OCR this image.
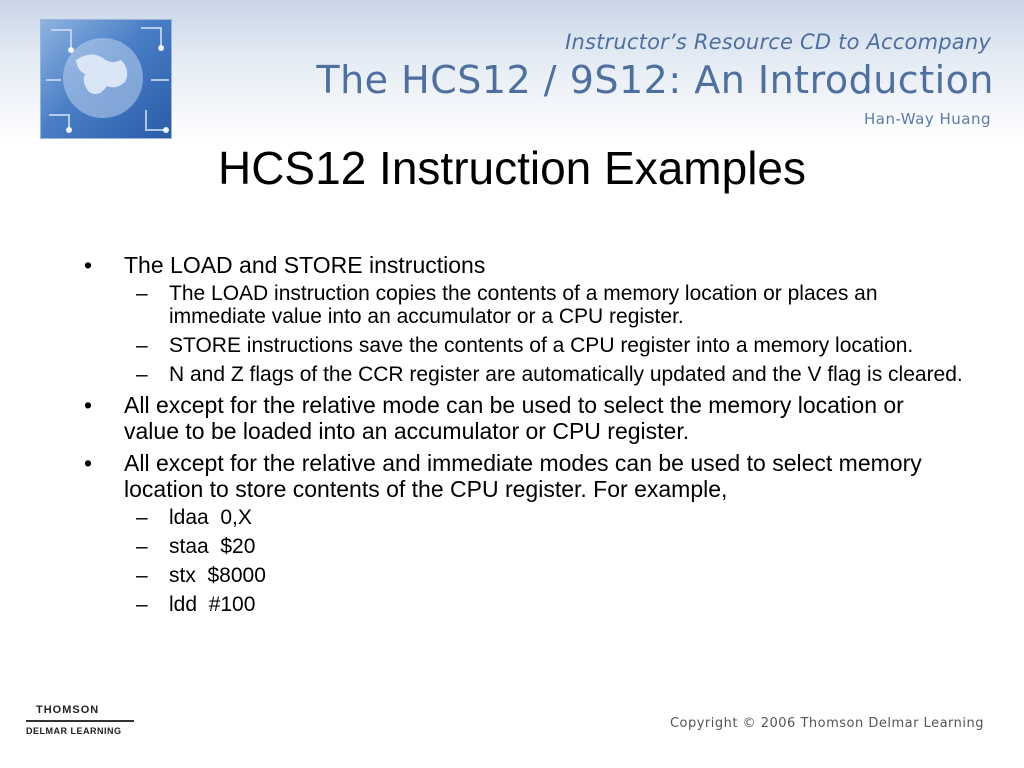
Instructor’s Resource CD to Accompany
The HCS12 / 9S12: An Introduction
Han-Way Huang
HCS12 Instruction Examples
•	The LOAD and STORE instructions
–	The LOAD instruction copies the contents of a memory location or places an immediate value into an accumulator or a CPU register.
–	STORE instructions save the contents of a CPU register into a memory location.
–	N and Z flags of the CCR register are automatically updated and the V flag is cleared.
•	All except for the relative mode can be used to select the memory location or value to be loaded into an accumulator or CPU register.
•	All except for the relative and immediate modes can be used to select memory location to store contents of the CPU register. For example,
–	ldaa  0,X
–	staa  $20
–	stx  $8000
–	ldd  #100
THOMSON
DELMAR LEARNING	Copyright © 2006 Thomson Delmar Learning
